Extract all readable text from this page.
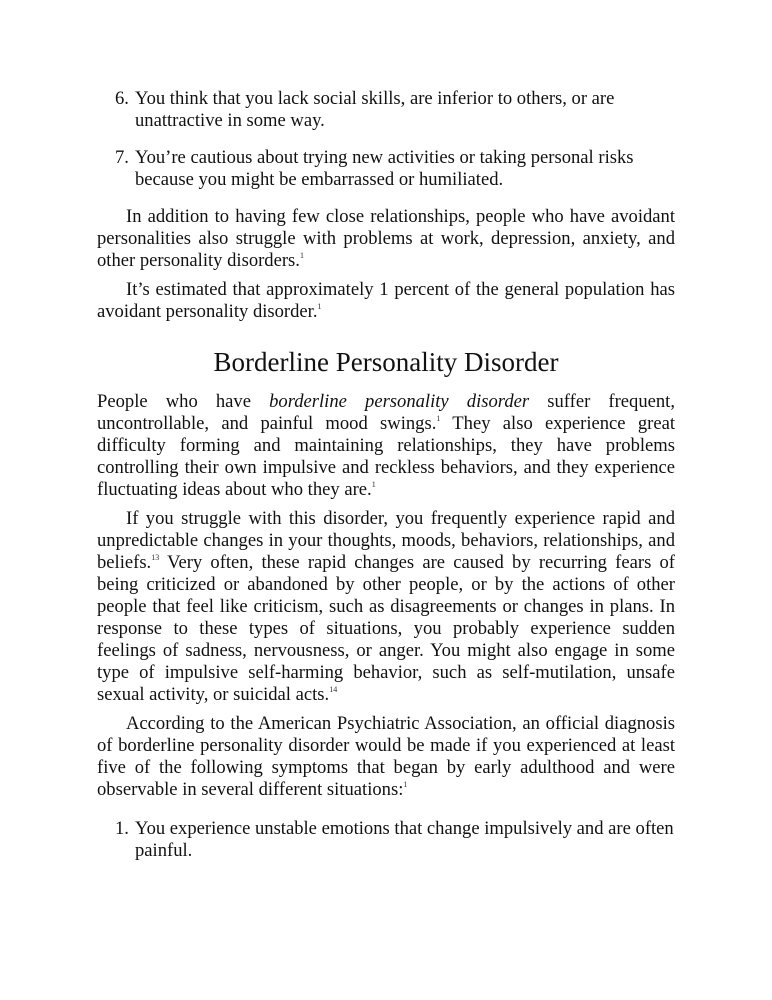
6. You think that you lack social skills, are inferior to others, or are unattractive in some way.
7. You’re cautious about trying new activities or taking personal risks because you might be embarrassed or humiliated.

In addition to having few close relationships, people who have avoidant personalities also struggle with problems at work, depression, anxiety, and other personality disorders.$^1$

It’s estimated that approximately 1 percent of the general population has avoidant personality disorder.$^1$

Borderline Personality Disorder

People who have borderline personality disorder suffer frequent, uncontrollable, and painful mood swings.$^1$ They also experience great difficulty forming and maintaining relationships, they have problems controlling their own impulsive and reckless behaviors, and they experience fluctuating ideas about who they are.$^1$

If you struggle with this disorder, you frequently experience rapid and unpredictable changes in your thoughts, moods, behaviors, relationships, and beliefs.$^{13}$ Very often, these rapid changes are caused by recurring fears of being criticized or abandoned by other people, or by the actions of other people that feel like criticism, such as disagreements or changes in plans. In response to these types of situations, you probably experience sudden feelings of sadness, nervousness, or anger. You might also engage in some type of impulsive self-harming behavior, such as self-mutilation, unsafe sexual activity, or suicidal acts.$^{14}$

According to the American Psychiatric Association, an official diagnosis of borderline personality disorder would be made if you experienced at least five of the following symptoms that began by early adulthood and were observable in several different situations:$^1$

1. You experience unstable emotions that change impulsively and are often painful.
